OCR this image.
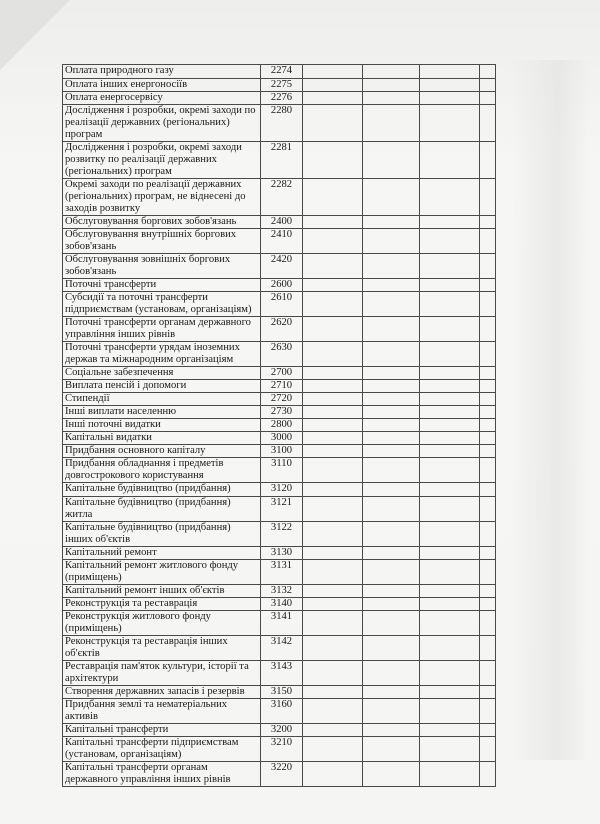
Оплата природного газу	2274				
Оплата інших енергоносіїв	2275				
Оплата енергосервісу	2276				
Дослідження і розробки, окремі заходи по реалізації державних (регіональних) програм	2280				
Дослідження і розробки, окремі заходи розвитку по реалізації державних (регіональних) програм	2281				
Окремі заходи по реалізації державних (регіональних) програм, не віднесені до заходів розвитку	2282				
Обслуговування боргових зобов'язань	2400				
Обслуговування внутрішніх боргових зобов'язань	2410				
Обслуговування зовнішніх боргових зобов'язань	2420				
Поточні трансферти	2600				
Субсидії та поточні трансферти підприємствам (установам, організаціям)	2610				
Поточні трансферти органам державного управління інших рівнів	2620				
Поточні трансферти урядам іноземних держав та міжнародним організаціям	2630				
Соціальне забезпечення	2700				
Виплата пенсій і допомоги	2710				
Стипендії	2720				
Інші виплати населенню	2730				
Інші поточні видатки	2800				
Капітальні видатки	3000				
Придбання основного капіталу	3100				
Придбання обладнання і предметів довгострокового користування	3110				
Капітальне будівництво (придбання)	3120				
Капітальне будівництво (придбання) житла	3121				
Капітальне будівництво (придбання) інших об'єктів	3122				
Капітальний ремонт	3130				
Капітальний ремонт житлового фонду (приміщень)	3131				
Капітальний ремонт інших об'єктів	3132				
Реконструкція та реставрація	3140				
Реконструкція житлового фонду (приміщень)	3141				
Реконструкція та реставрація інших об'єктів	3142				
Реставрація пам'яток культури, історії та архітектури	3143				
Створення державних запасів і резервів	3150				
Придбання землі та нематеріальних активів	3160				
Капітальні трансферти	3200				
Капітальні трансферти підприємствам (установам, організаціям)	3210				
Капітальні трансферти органам державного управління інших рівнів	3220				
